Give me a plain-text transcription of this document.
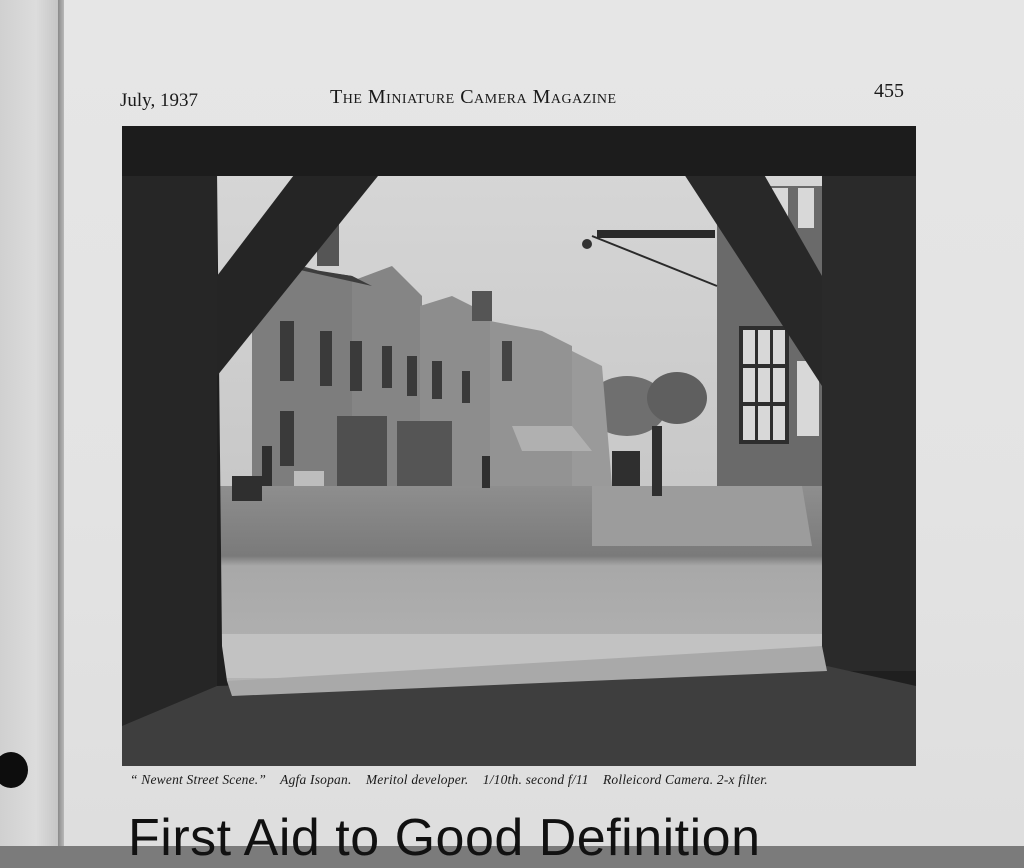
July, 1937	The Miniature Camera Magazine	455
“ Newent Street Scene.” Agfa Isopan. Meritol developer. 1/10th. second f/11 Rolleicord Camera. 2-x filter.
First Aid to Good Definition
